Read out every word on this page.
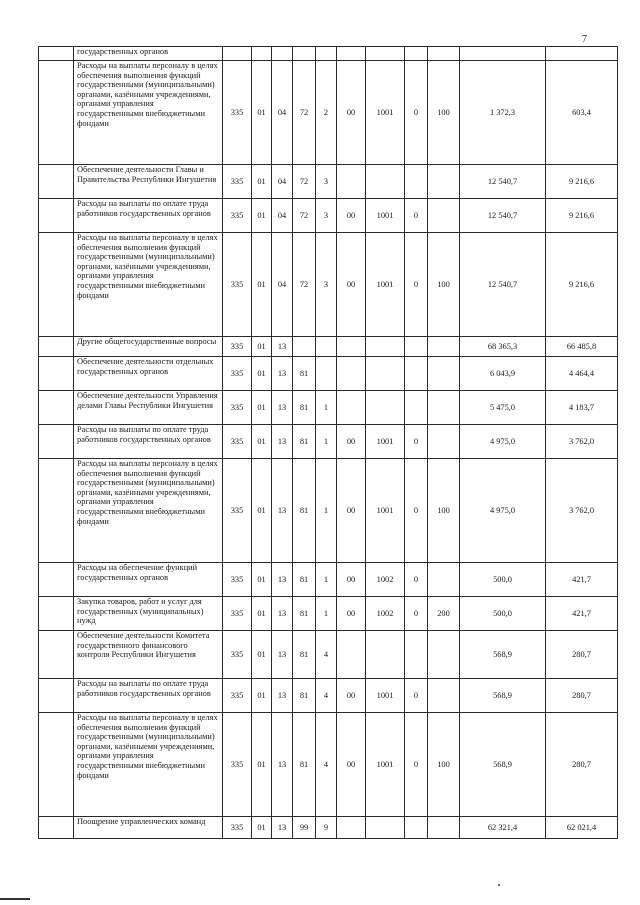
7
	государственных органов											
	Расходы на выплаты персоналу в целях обеспечения выполнения функций государственными (муниципальными) органами, казёнными учреждениями, органами управления государственными внебюджетными фондами	335	01	04	72	2	00	1001	0	100	1 372,3	603,4
	Обеспечение деятельности Главы и Правительства Республики Ингушетия	335	01	04	72	3					12 540,7	9 216,6
	Расходы на выплаты по оплате труда работников государственных органов	335	01	04	72	3	00	1001	0		12 540,7	9 216,6
	Расходы на выплаты персоналу в целях обеспечения выполнения функций государственными (муниципальными) органами, казёнными учреждениями, органами управления государственными внебюджетными фондами	335	01	04	72	3	00	1001	0	100	12 540,7	9 216,6
	Другие общегосударственные вопросы	335	01	13							68 365,3	66 485,8
	Обеспечение деятельности отдельных государственных органов	335	01	13	81						6 043,9	4 464,4
	Обеспечение деятельности Управления делами Главы Республики Ингушетия	335	01	13	81	1					5 475,0	4 183,7
	Расходы на выплаты по оплате труда работников государственных органов	335	01	13	81	1	00	1001	0		4 975,0	3 762,0
	Расходы на выплаты персоналу в целях обеспечения выполнения функций государственными (муниципальными) органами, казёнными учреждениями, органами управления государственными внебюджетными фондами	335	01	13	81	1	00	1001	0	100	4 975,0	3 762,0
	Расходы на обеспечение функций государственных органов	335	01	13	81	1	00	1002	0		500,0	421,7
	Закупка товаров, работ и услуг для государственных (муниципальных) нужд	335	01	13	81	1	00	1002	0	200	500,0	421,7
	Обеспечение деятельности Комитета государственного финансового контроля Республики Ингушетия	335	01	13	81	4					568,9	280,7
	Расходы на выплаты по оплате труда работников государственных органов	335	01	13	81	4	00	1001	0		568,9	280,7
	Расходы на выплаты персоналу в целях обеспечения выполнения функций государственными (муниципальными) органами, казённыеми учреждениями, органами управления государственными внебюджетными фондами	335	01	13	81	4	00	1001	0	100	568,9	280,7
	Поощрение управленческих команд	335	01	13	99	9					62 321,4	62 021,4
